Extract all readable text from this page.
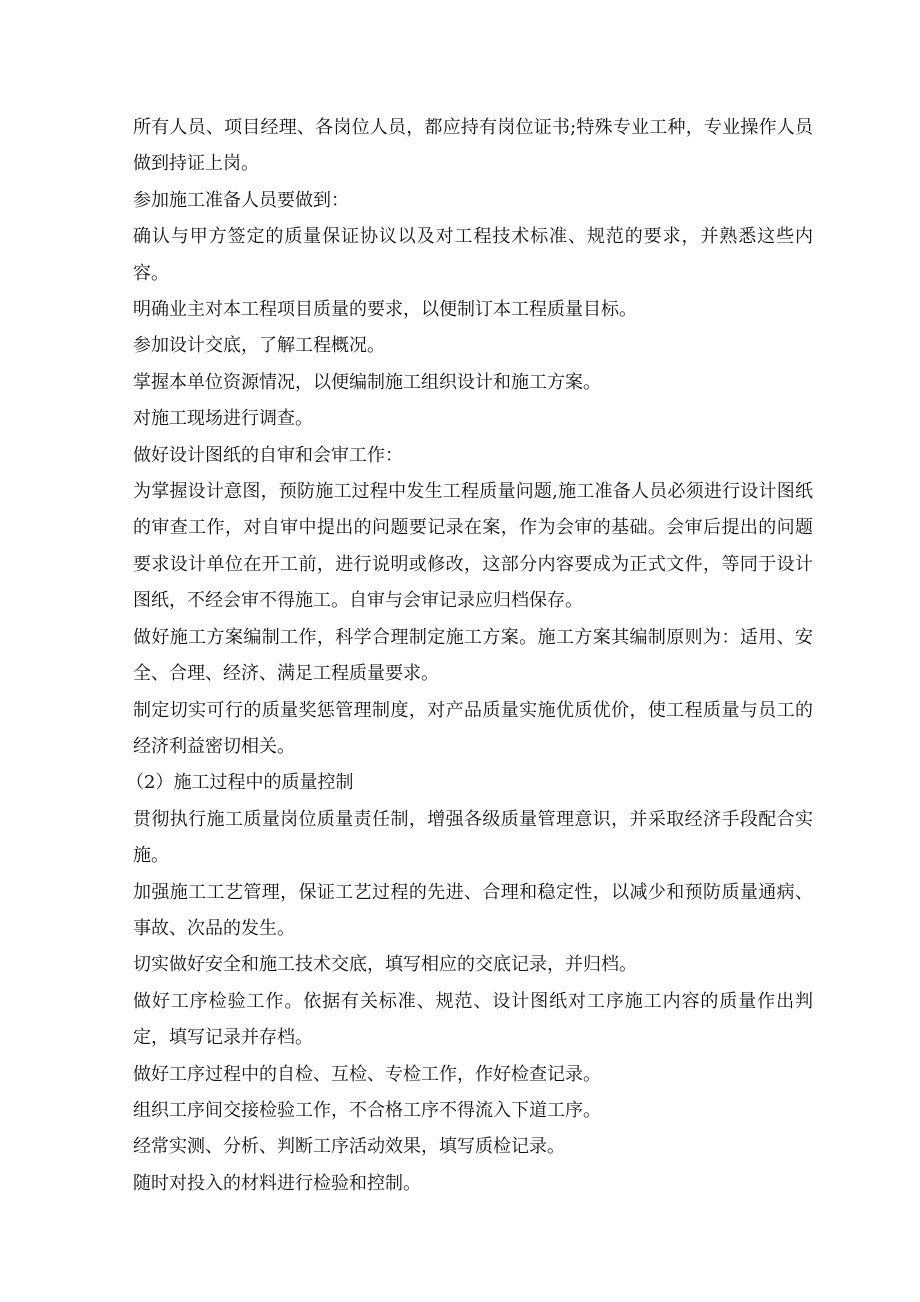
所有人员、项目经理、各岗位人员，都应持有岗位证书;特殊专业工种，专业操作人员做到持证上岗。

参加施工准备人员要做到：

确认与甲方签定的质量保证协议以及对工程技术标准、规范的要求，并熟悉这些内容。

明确业主对本工程项目质量的要求，以便制订本工程质量目标。

参加设计交底，了解工程概况。

掌握本单位资源情况，以便编制施工组织设计和施工方案。

对施工现场进行调查。

做好设计图纸的自审和会审工作：

为掌握设计意图，预防施工过程中发生工程质量问题,施工准备人员必须进行设计图纸的审查工作，对自审中提出的问题要记录在案，作为会审的基础。会审后提出的问题要求设计单位在开工前，进行说明或修改，这部分内容要成为正式文件，等同于设计图纸，不经会审不得施工。自审与会审记录应归档保存。

做好施工方案编制工作，科学合理制定施工方案。施工方案其编制原则为：适用、安全、合理、经济、满足工程质量要求。

制定切实可行的质量奖惩管理制度，对产品质量实施优质优价，使工程质量与员工的经济利益密切相关。

（2）施工过程中的质量控制

贯彻执行施工质量岗位质量责任制，增强各级质量管理意识，并采取经济手段配合实施。

加强施工工艺管理，保证工艺过程的先进、合理和稳定性，以减少和预防质量通病、事故、次品的发生。

切实做好安全和施工技术交底，填写相应的交底记录，并归档。

做好工序检验工作。依据有关标准、规范、设计图纸对工序施工内容的质量作出判定，填写记录并存档。

做好工序过程中的自检、互检、专检工作，作好检查记录。

组织工序间交接检验工作，不合格工序不得流入下道工序。

经常实测、分析、判断工序活动效果，填写质检记录。

随时对投入的材料进行检验和控制。
